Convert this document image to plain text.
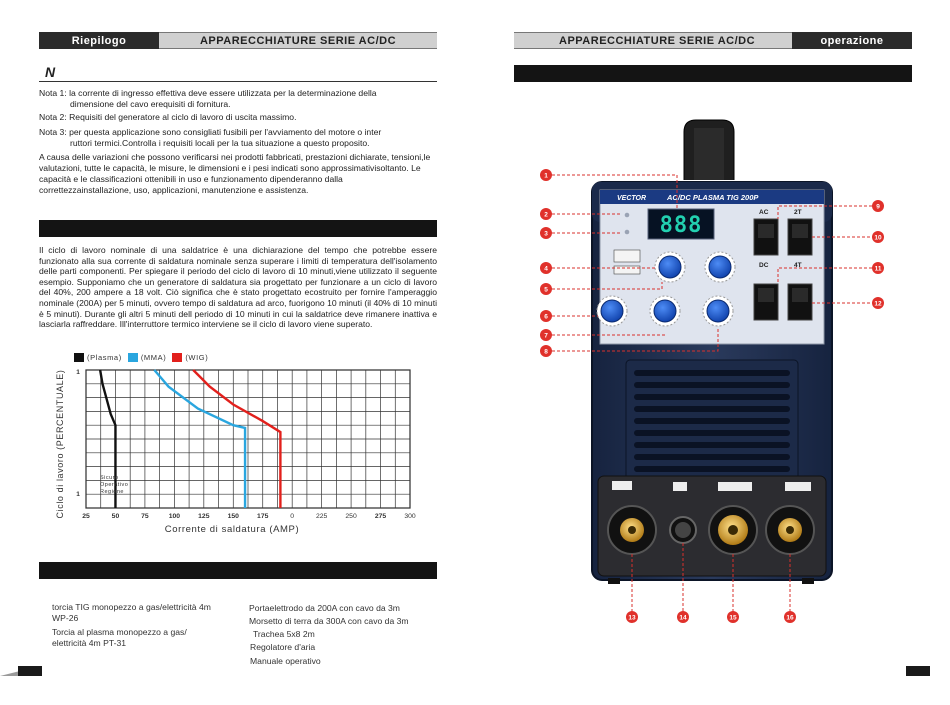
Riepilogo	APPARECCHIATURE SERIE AC/DC
N
Nota 1: la corrente di ingresso effettiva deve essere utilizzata per la determinazione della
dimensione del cavo erequisiti di fornitura.
Nota 2: Requisiti del generatore al ciclo di lavoro di uscita massimo.
Nota 3: per questa applicazione sono consigliati fusibili per l'avviamento del motore o inter
ruttori termici.Controlla i requisiti locali per la tua situazione a questo proposito.
A causa delle variazioni che possono verificarsi nei prodotti fabbricati, prestazioni dichiarate, tensioni,le valutazioni, tutte le capacità, le misure, le dimensioni e i pesi indicati sono approssimativisoltanto. Le capacità e le classificazioni ottenibili in uso e funzionamento dipenderanno dalla correttezzainstallazione, uso, applicazioni, manutenzione e assistenza.
Il ciclo di lavoro nominale di una saldatrice è una dichiarazione del tempo che potrebbe essere funzionato alla sua corrente di saldatura nominale senza superare i limiti di temperatura dell'isolamento delle parti componenti. Per spiegare il periodo del ciclo di lavoro di 10 minuti,viene utilizzato il seguente esempio. Supponiamo che un generatore di saldatura sia progettato per funzionare a un ciclo di lavoro del 40%, 200 ampere a 18 volt. Ciò significa che è stato progettato ecostruito per fornire l'amperaggio nominale (200A) per 5 minuti, ovvero tempo di saldatura ad arco, fuorigono 10 minuti (il 40% di 10 minuti è 5 minuti). Durante gli altri 5 minuti dell periodo di 10 minuti in cui la saldatrice deve rimanere inattiva e lasciarla raffreddare. Ill'interruttore termico interviene se il ciclo di lavoro viene superato.
(Plasma)	(MMA)	(WIG)
25	50	75	100	125	150	175	0	225	250	275	300
1
1
Ciclo di lavoro (PERCENTUALE)
Corrente di saldatura (AMP)
Sicuro
Operativo
Regione
torcia TIG monopezzo a gas/elettricità 4m WP-26
Torcia al plasma monopezzo a gas/ elettricità 4m PT-31
Portaelettrodo da 200A con cavo da 3m
Morsetto di terra da 300A con cavo da 3m
Trachea 5x8 2m
Regolatore d'aria
Manuale operativo
APPARECCHIATURE SERIE AC/DC	operazione
VECTOR	AC/DC PLASMA TIG 200P
888
AC	2T
DC	4T
1
2
3
4
5
6
7
8
9
10
11
12
13	14	15	16
